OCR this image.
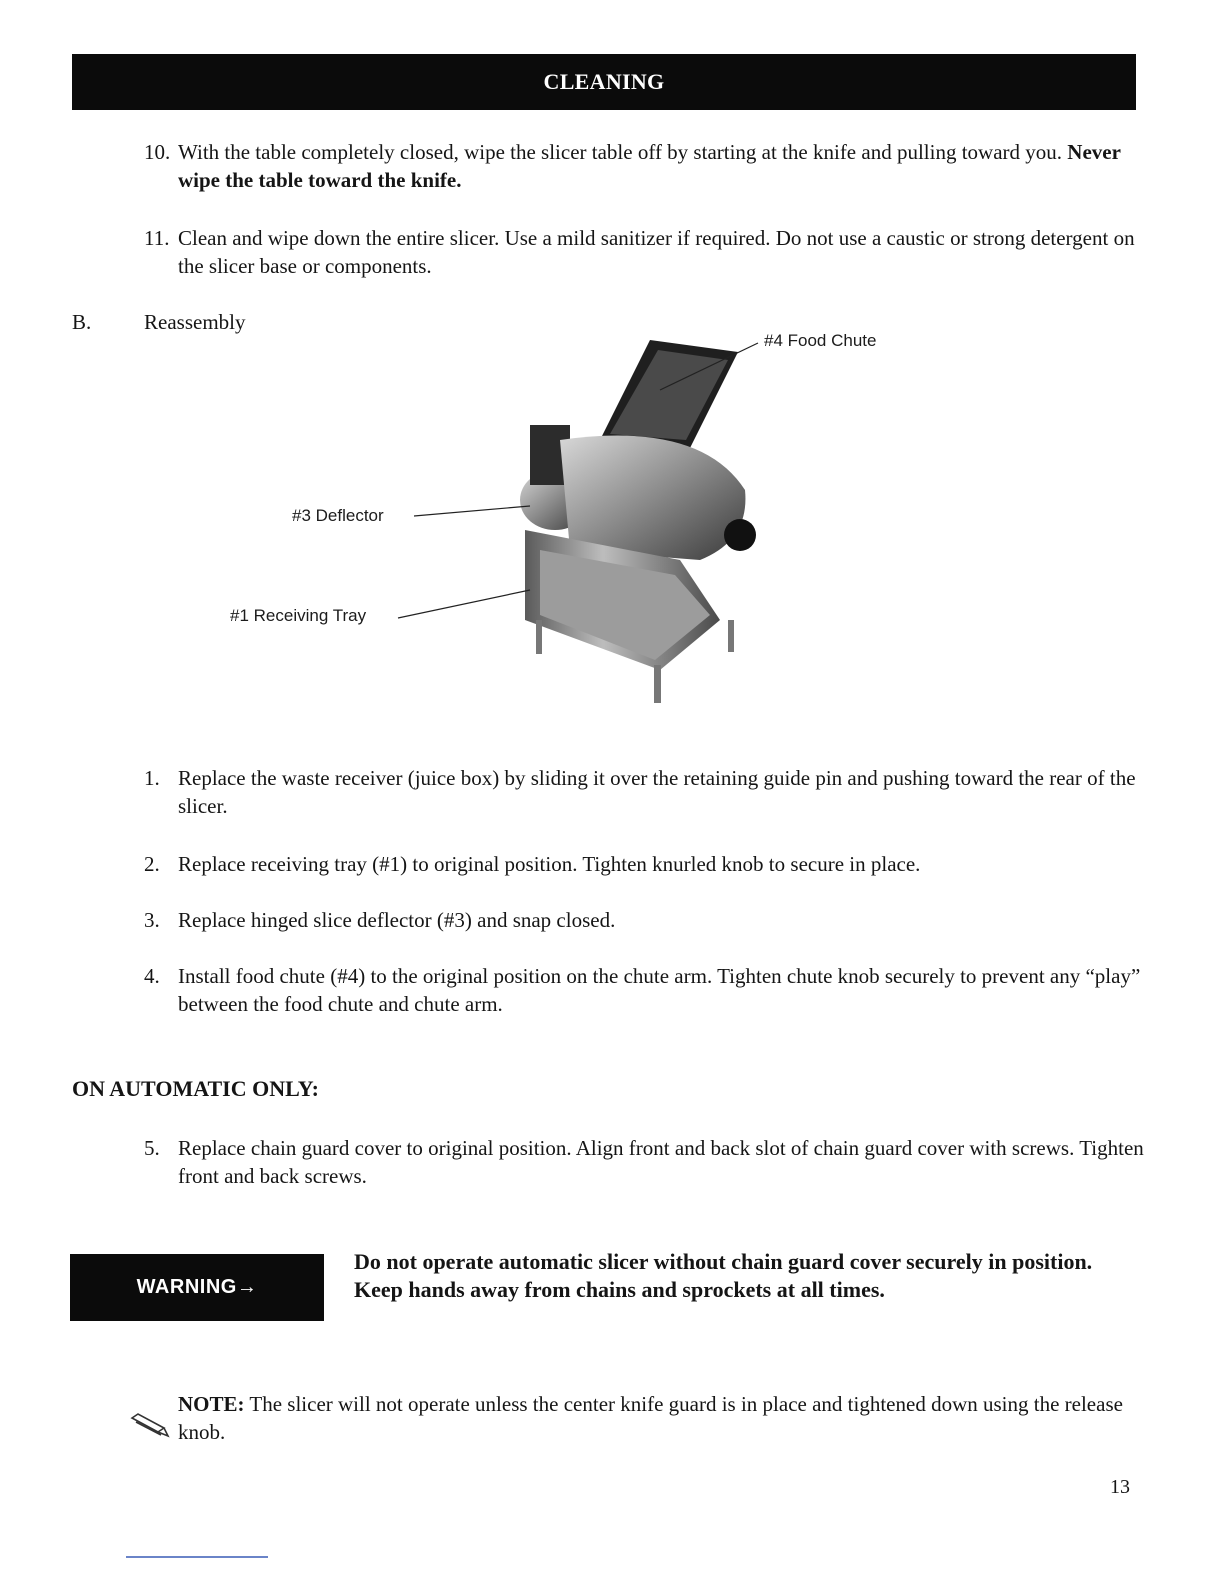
CLEANING
10. With the table completely closed, wipe the slicer table off by starting at the knife and pulling toward you. Never wipe the table toward the knife.
11. Clean and wipe down the entire slicer. Use a mild sanitizer if required. Do not use a caustic or strong detergent on the slicer base or components.
B.	Reassembly
#4 Food Chute
#3 Deflector
#1 Receiving Tray
1. Replace the waste receiver (juice box) by sliding it over the retaining guide pin and pushing toward the rear of the slicer.
2. Replace receiving tray (#1) to original position. Tighten knurled knob to secure in place.
3. Replace hinged slice deflector (#3) and snap closed.
4. Install food chute (#4) to the original position on the chute arm. Tighten chute knob securely to prevent any “play” between the food chute and chute arm.
ON AUTOMATIC ONLY:
5. Replace chain guard cover to original position. Align front and back slot of chain guard cover with screws. Tighten front and back screws.
WARNING→
Do not operate automatic slicer without chain guard cover securely in position. Keep hands away from chains and sprockets at all times.
NOTE: The slicer will not operate unless the center knife guard is in place and tightened down using the release knob.
13
